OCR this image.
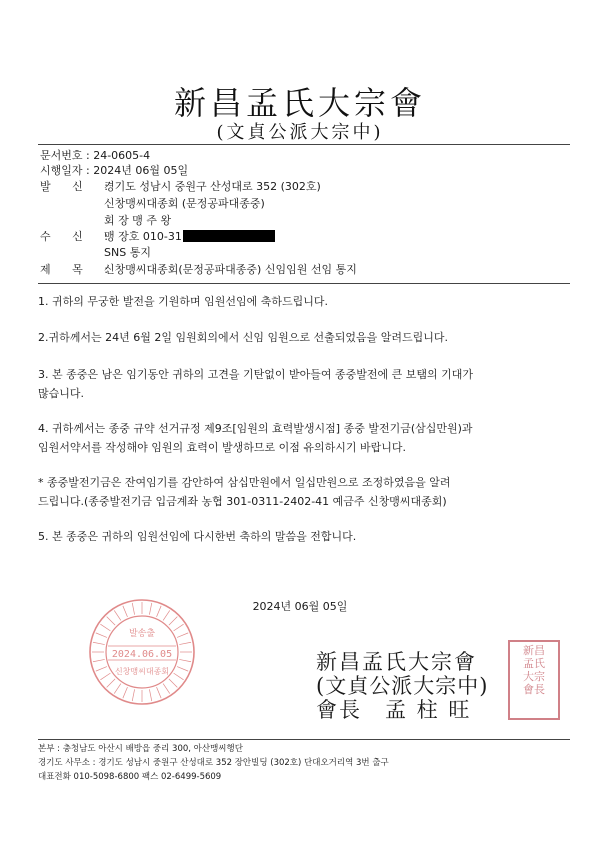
新昌孟氏大宗會
(文貞公派大宗中)
문서번호 : 24-0605-4
시행일자 : 2024년 06월 05일
발 신 :경기도 성남시 중원구 산성대로 352 (302호)
신창맹씨대종회 (문정공파대종중)
회 장 맹 주 왕
수 신 :맹 장호 010-31
SNS 통지
제 목 :신창맹씨대종회(문정공파대종중) 신임임원 선임 통지
1. 귀하의 무궁한 발전을 기원하며 임원선임에 축하드립니다.
2.귀하께서는 24년 6월 2일 임원회의에서 신임 임원으로 선출되었음을 알려드립니다.
3. 본 종중은 남은 임기동안 귀하의 고견을 기탄없이 받아들여 종중발전에 큰 보탬의 기대가
많습니다.
4. 귀하께서는 종중 규약 선거규정 제9조[임원의 효력발생시점] 종중 발전기금(삼십만원)과
임원서약서를 작성해야 임원의 효력이 발생하므로 이점 유의하시기 바랍니다.
* 종중발전기금은 잔여임기를 감안하여 삼십만원에서 일십만원으로 조정하였음을 알려
드립니다.(종중발전기금 입금계좌 농협 301-0311-2402-41 예금주 신창맹씨대종회)
5. 본 종중은 귀하의 임원선임에 다시한번 축하의 말씀을 전합니다.
2024년 06월 05일
발송출
2024.06.05
신창맹씨대종회	新昌孟氏大宗會
(文貞公派大宗中)
會長　孟 柱 旺
新昌
孟氏
大宗
會長
본부 : 충청남도 아산시 배방읍 중리 300, 아산맹씨행단
경기도 사무소 : 경기도 성남시 중원구 산성대로 352 장안빌딩 (302호) 단대오거리역 3번 출구
대표전화 010-5098-6800 팩스 02-6499-5609
